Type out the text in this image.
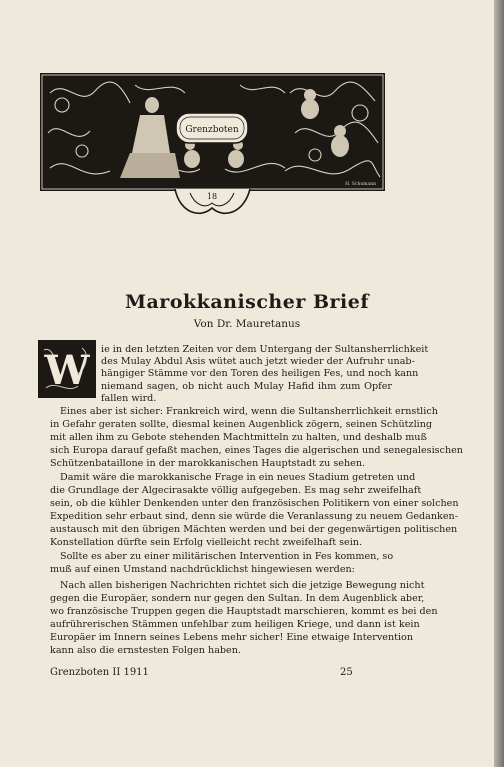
Grenzboten
18
H. Schumann
Marokkanischer Brief
Von Dr. Mauretanus
W ie in den letzten Zeiten vor dem Untergang der Sultansherrlichkeit
des Mulay Abdul Asis wütet auch jetzt wieder der Aufruhr unab-
hängiger Stämme vor den Toren des heiligen Fes, und noch kann
niemand sagen, ob nicht auch Mulay Hafid ihm zum Opfer
fallen wird.
Eines aber ist sicher: Frankreich wird, wenn die Sultansherrlichkeit ernstlich
in Gefahr geraten sollte, diesmal keinen Augenblick zögern, seinen Schützling
mit allen ihm zu Gebote stehenden Machtmitteln zu halten, und deshalb muß
sich Europa darauf gefaßt machen, eines Tages die algerischen und senegalesischen
Schützenbataillone in der marokkanischen Hauptstadt zu sehen.
Damit wäre die marokkanische Frage in ein neues Stadium getreten und
die Grundlage der Algecirasakte völlig aufgegeben. Es mag sehr zweifelhaft
sein, ob die kühler Denkenden unter den französischen Politikern von einer solchen
Expedition sehr erbaut sind, denn sie würde die Veranlassung zu neuem Gedanken-
austausch mit den übrigen Mächten werden und bei der gegenwärtigen politischen
Konstellation dürfte sein Erfolg vielleicht recht zweifelhaft sein.
Sollte es aber zu einer militärischen Intervention in Fes kommen, so
muß auf einen Umstand nachdrücklichst hingewiesen werden:
Nach allen bisherigen Nachrichten richtet sich die jetzige Bewegung nicht
gegen die Europäer, sondern nur gegen den Sultan. In dem Augenblick aber,
wo französische Truppen gegen die Hauptstadt marschieren, kommt es bei den
aufrührerischen Stämmen unfehlbar zum heiligen Kriege, und dann ist kein
Europäer im Innern seines Lebens mehr sicher! Eine etwaige Intervention
kann also die ernstesten Folgen haben.
Grenzboten II 1911	25
